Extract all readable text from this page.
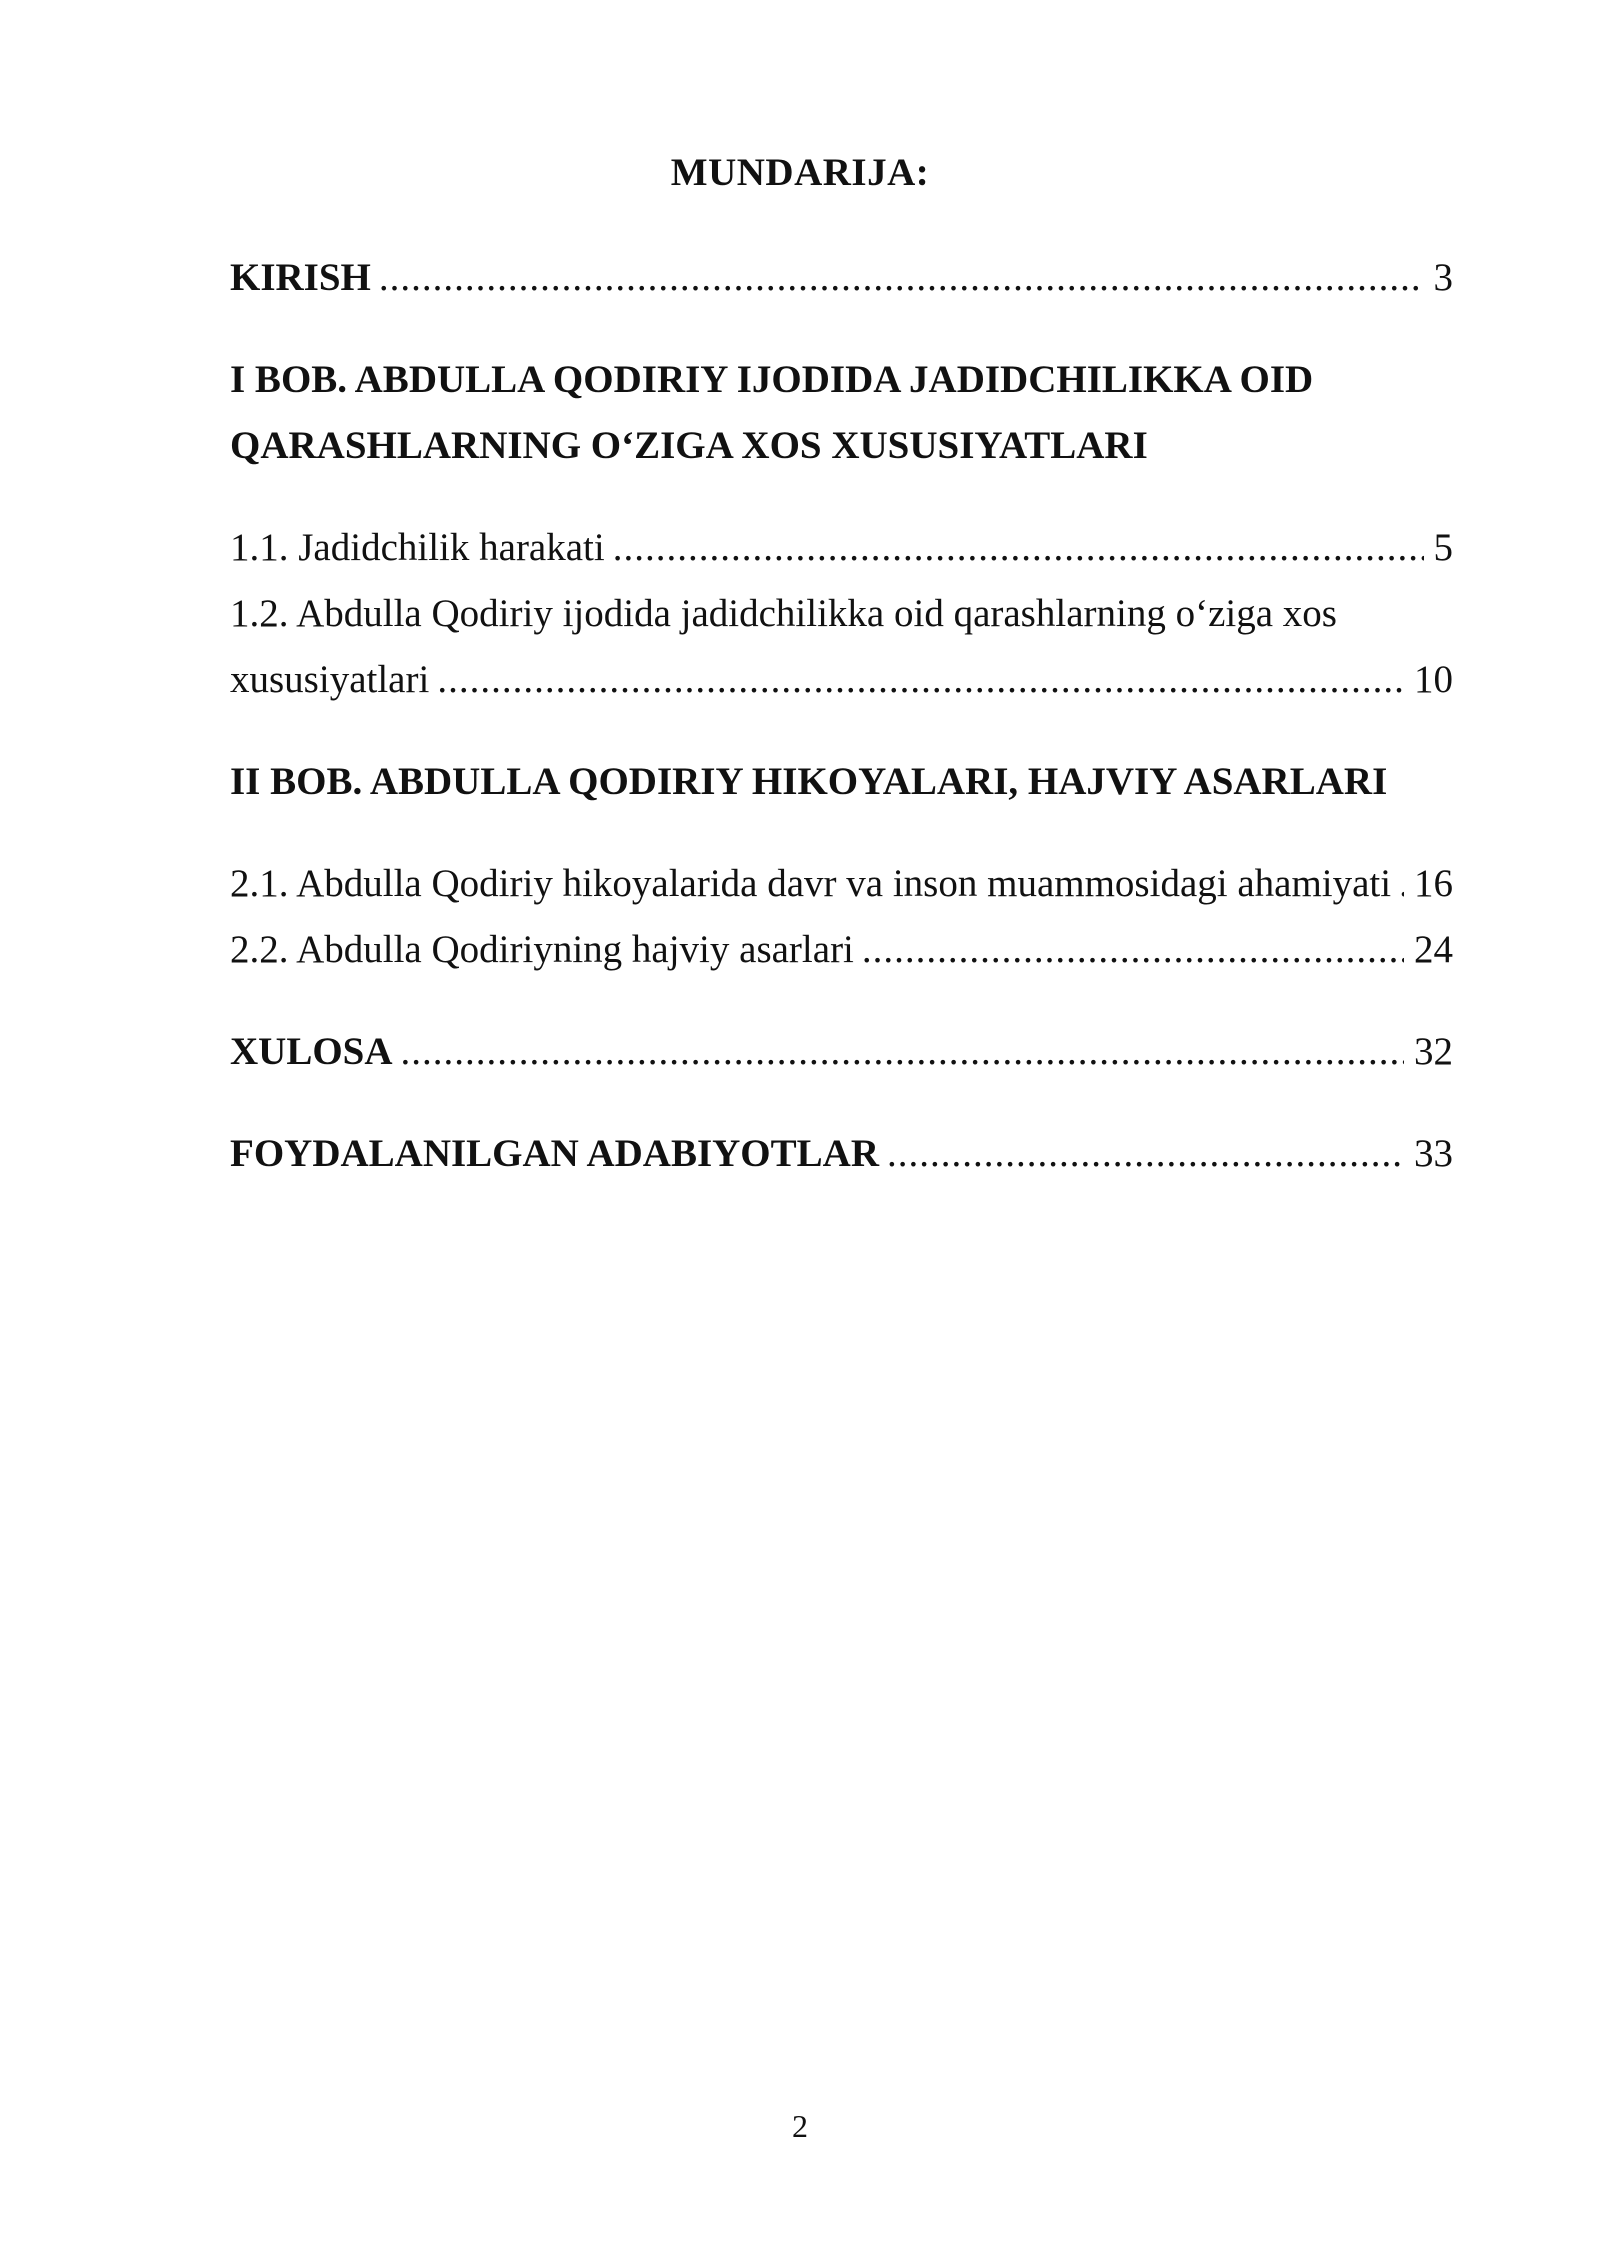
MUNDARIJA:
KIRISH .....	3
I BOB. ABDULLA QODIRIY IJODIDA JADIDCHILIKKA OID
QARASHLARNING O‘ZIGA XOS XUSUSIYATLARI
1.1. Jadidchilik harakati .....	5
1.2. Abdulla Qodiriy ijodida jadidchilikka oid qarashlarning o‘ziga xos
xususiyatlari .....	10
II BOB. ABDULLA QODIRIY HIKOYALARI, HAJVIY ASARLARI
2.1. Abdulla Qodiriy hikoyalarida davr va inson muammosidagi ahamiyati ..... 16
2.2. Abdulla Qodiriyning hajviy asarlari .....	24
XULOSA .....	32
FOYDALANILGAN ADABIYOTLAR .....	33
2
